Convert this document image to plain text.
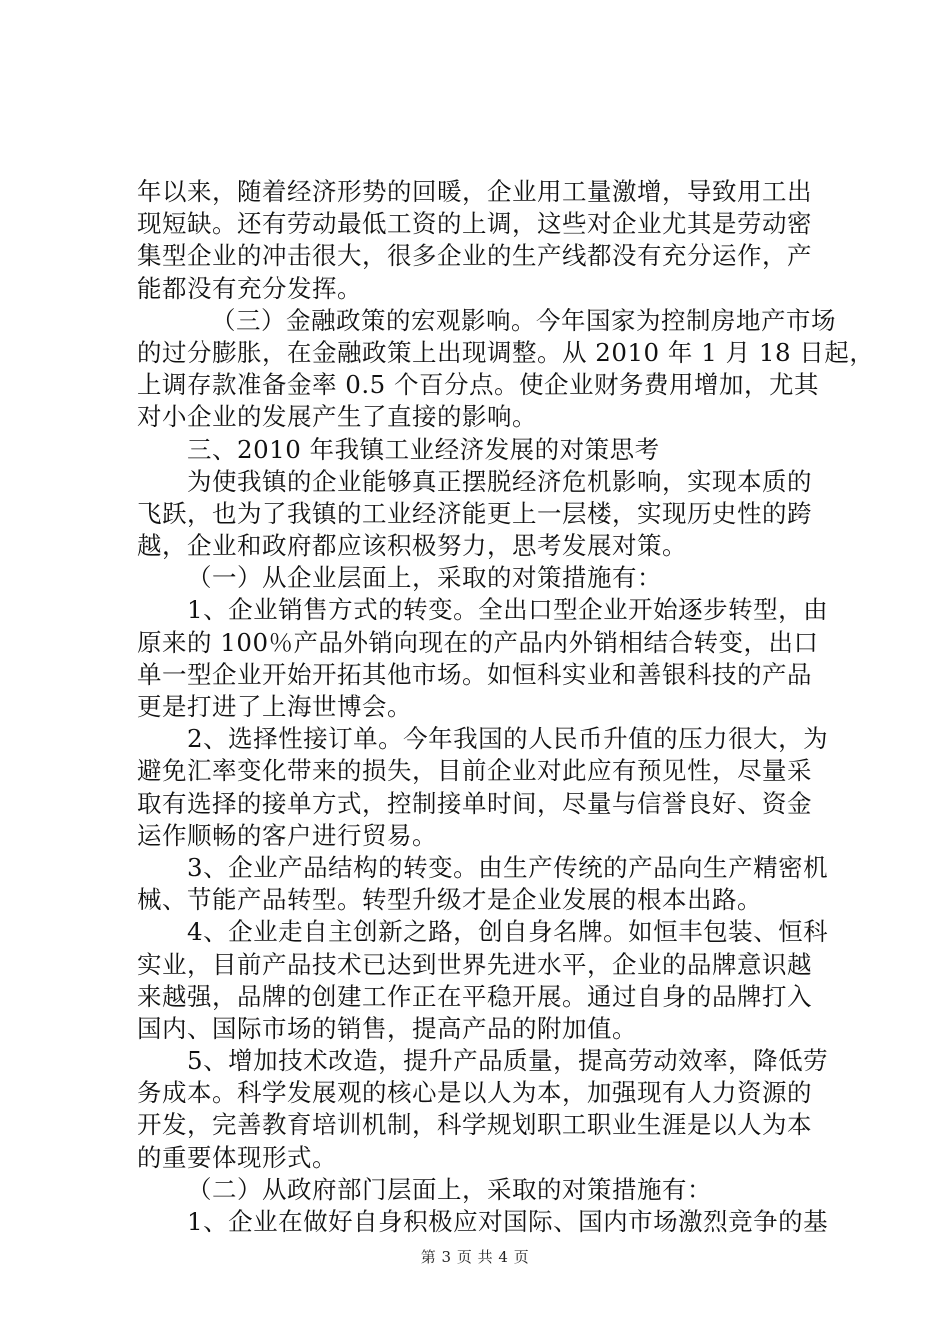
年以来，随着经济形势的回暖，企业用工量激增，导致用工出
现短缺。还有劳动最低工资的上调，这些对企业尤其是劳动密
集型企业的冲击很大，很多企业的生产线都没有充分运作，产
能都没有充分发挥。
（三）金融政策的宏观影响。今年国家为控制房地产市场
的过分膨胀，在金融政策上出现调整。从 2010 年 1 月 18 日起，
上调存款准备金率 0.5 个百分点。使企业财务费用增加，尤其
对小企业的发展产生了直接的影响。
三、2010 年我镇工业经济发展的对策思考
为使我镇的企业能够真正摆脱经济危机影响，实现本质的
飞跃，也为了我镇的工业经济能更上一层楼，实现历史性的跨
越，企业和政府都应该积极努力，思考发展对策。
（一）从企业层面上，采取的对策措施有：
1、企业销售方式的转变。全出口型企业开始逐步转型，由
原来的 100％产品外销向现在的产品内外销相结合转变，出口
单一型企业开始开拓其他市场。如恒科实业和善银科技的产品
更是打进了上海世博会。
2、选择性接订单。今年我国的人民币升值的压力很大，为
避免汇率变化带来的损失，目前企业对此应有预见性，尽量采
取有选择的接单方式，控制接单时间，尽量与信誉良好、资金
运作顺畅的客户进行贸易。
3、企业产品结构的转变。由生产传统的产品向生产精密机
械、节能产品转型。转型升级才是企业发展的根本出路。
4、企业走自主创新之路，创自身名牌。如恒丰包装、恒科
实业，目前产品技术已达到世界先进水平，企业的品牌意识越
来越强，品牌的创建工作正在平稳开展。通过自身的品牌打入
国内、国际市场的销售，提高产品的附加值。
5、增加技术改造，提升产品质量，提高劳动效率，降低劳
务成本。科学发展观的核心是以人为本，加强现有人力资源的
开发，完善教育培训机制，科学规划职工职业生涯是以人为本
的重要体现形式。
（二）从政府部门层面上，采取的对策措施有：
1、企业在做好自身积极应对国际、国内市场激烈竞争的基
第 3 页 共 4 页
